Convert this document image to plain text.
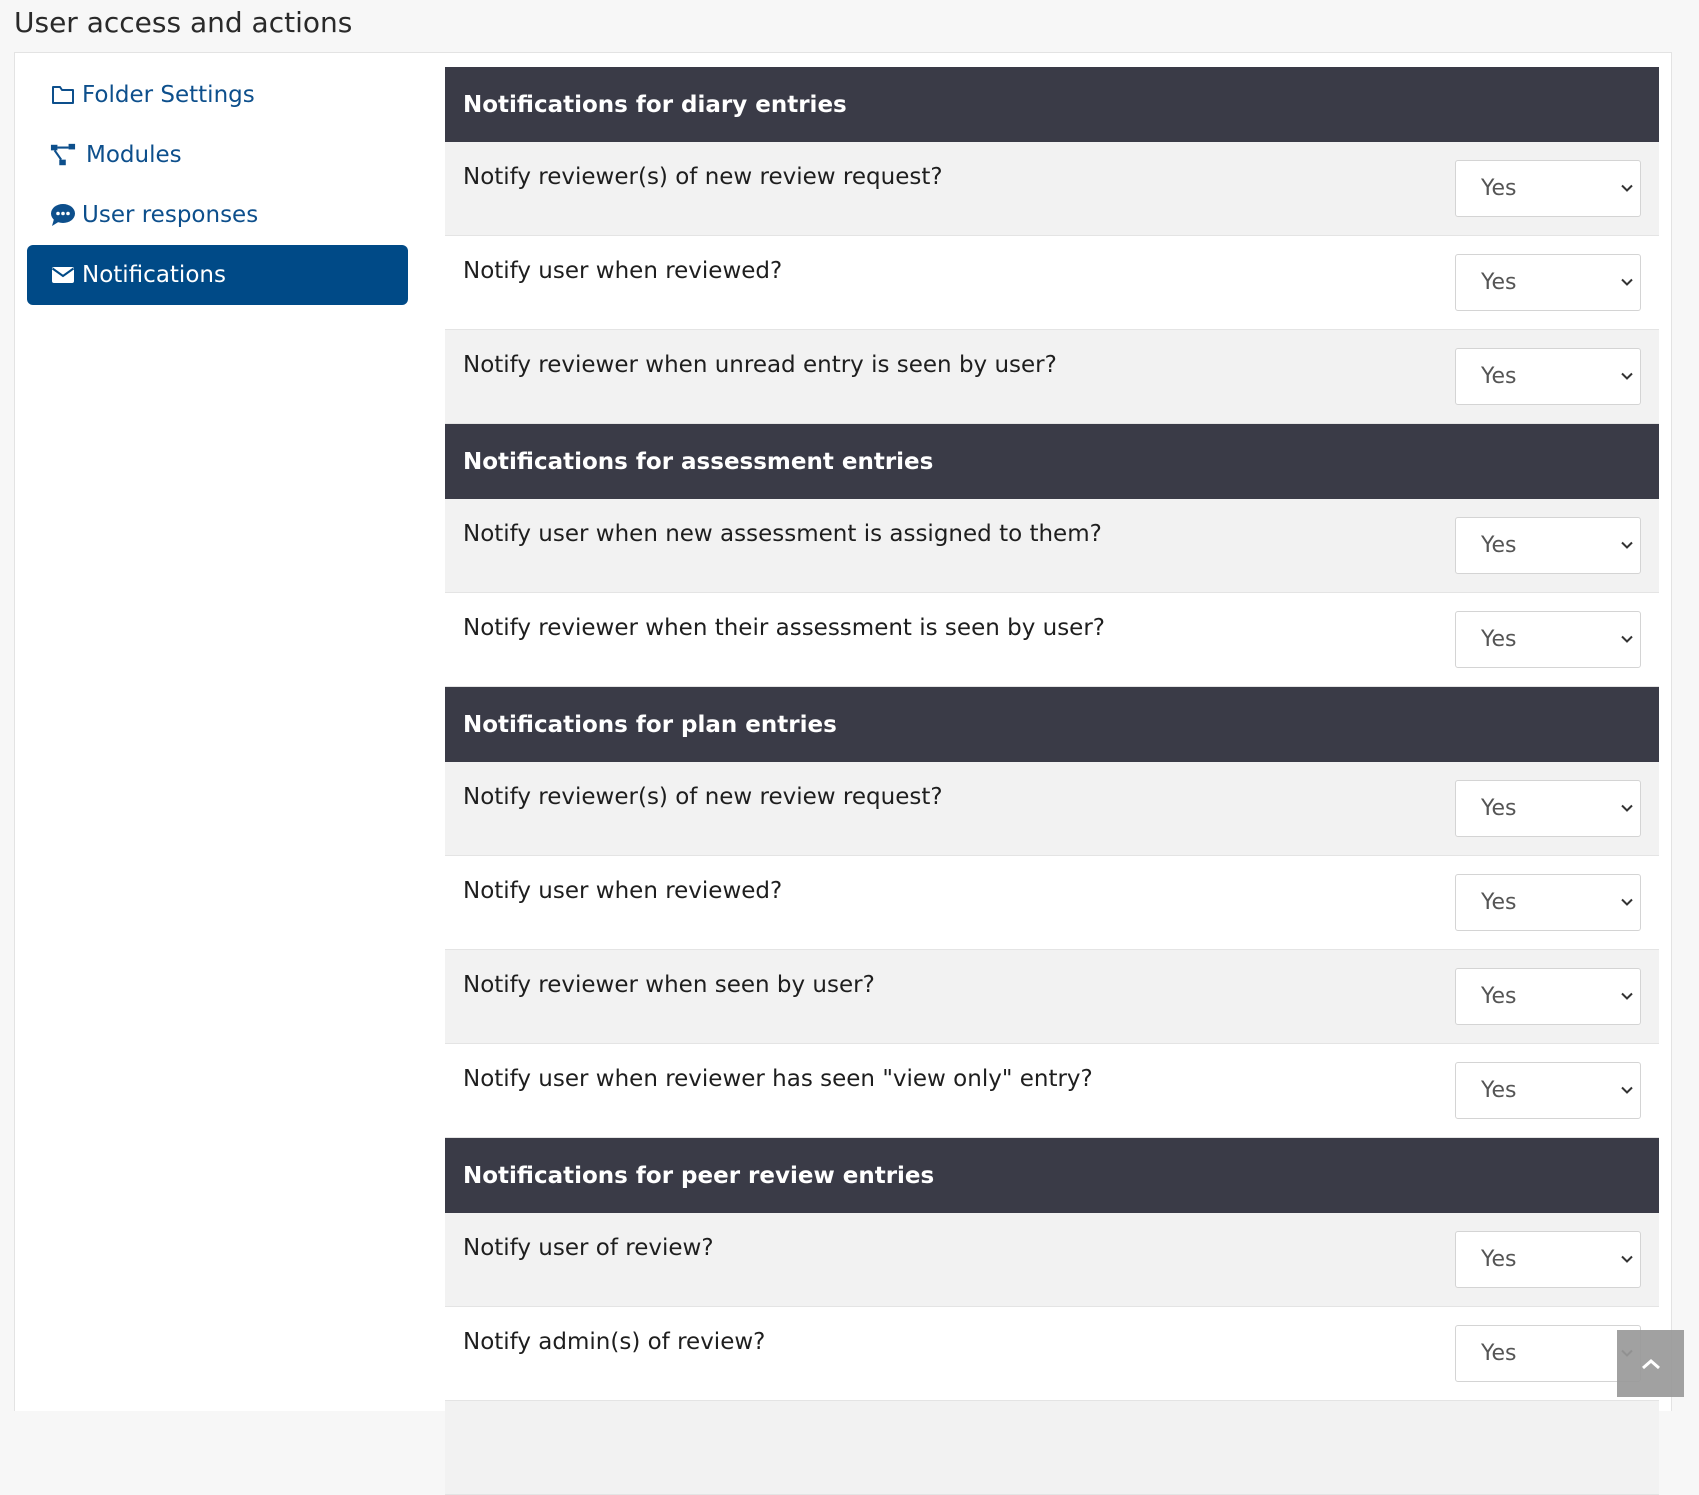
User access and actions
Folder Settings
Modules
User responses
Notifications
Notifications for diary entries
Notify reviewer(s) of new review request?	Yes
Notify user when reviewed?	Yes
Notify reviewer when unread entry is seen by user?	Yes
Notifications for assessment entries
Notify user when new assessment is assigned to them?	Yes
Notify reviewer when their assessment is seen by user?	Yes
Notifications for plan entries
Notify reviewer(s) of new review request?	Yes
Notify user when reviewed?	Yes
Notify reviewer when seen by user?	Yes
Notify user when reviewer has seen "view only" entry?	Yes
Notifications for peer review entries
Notify user of review?	Yes
Notify admin(s) of review?	Yes
